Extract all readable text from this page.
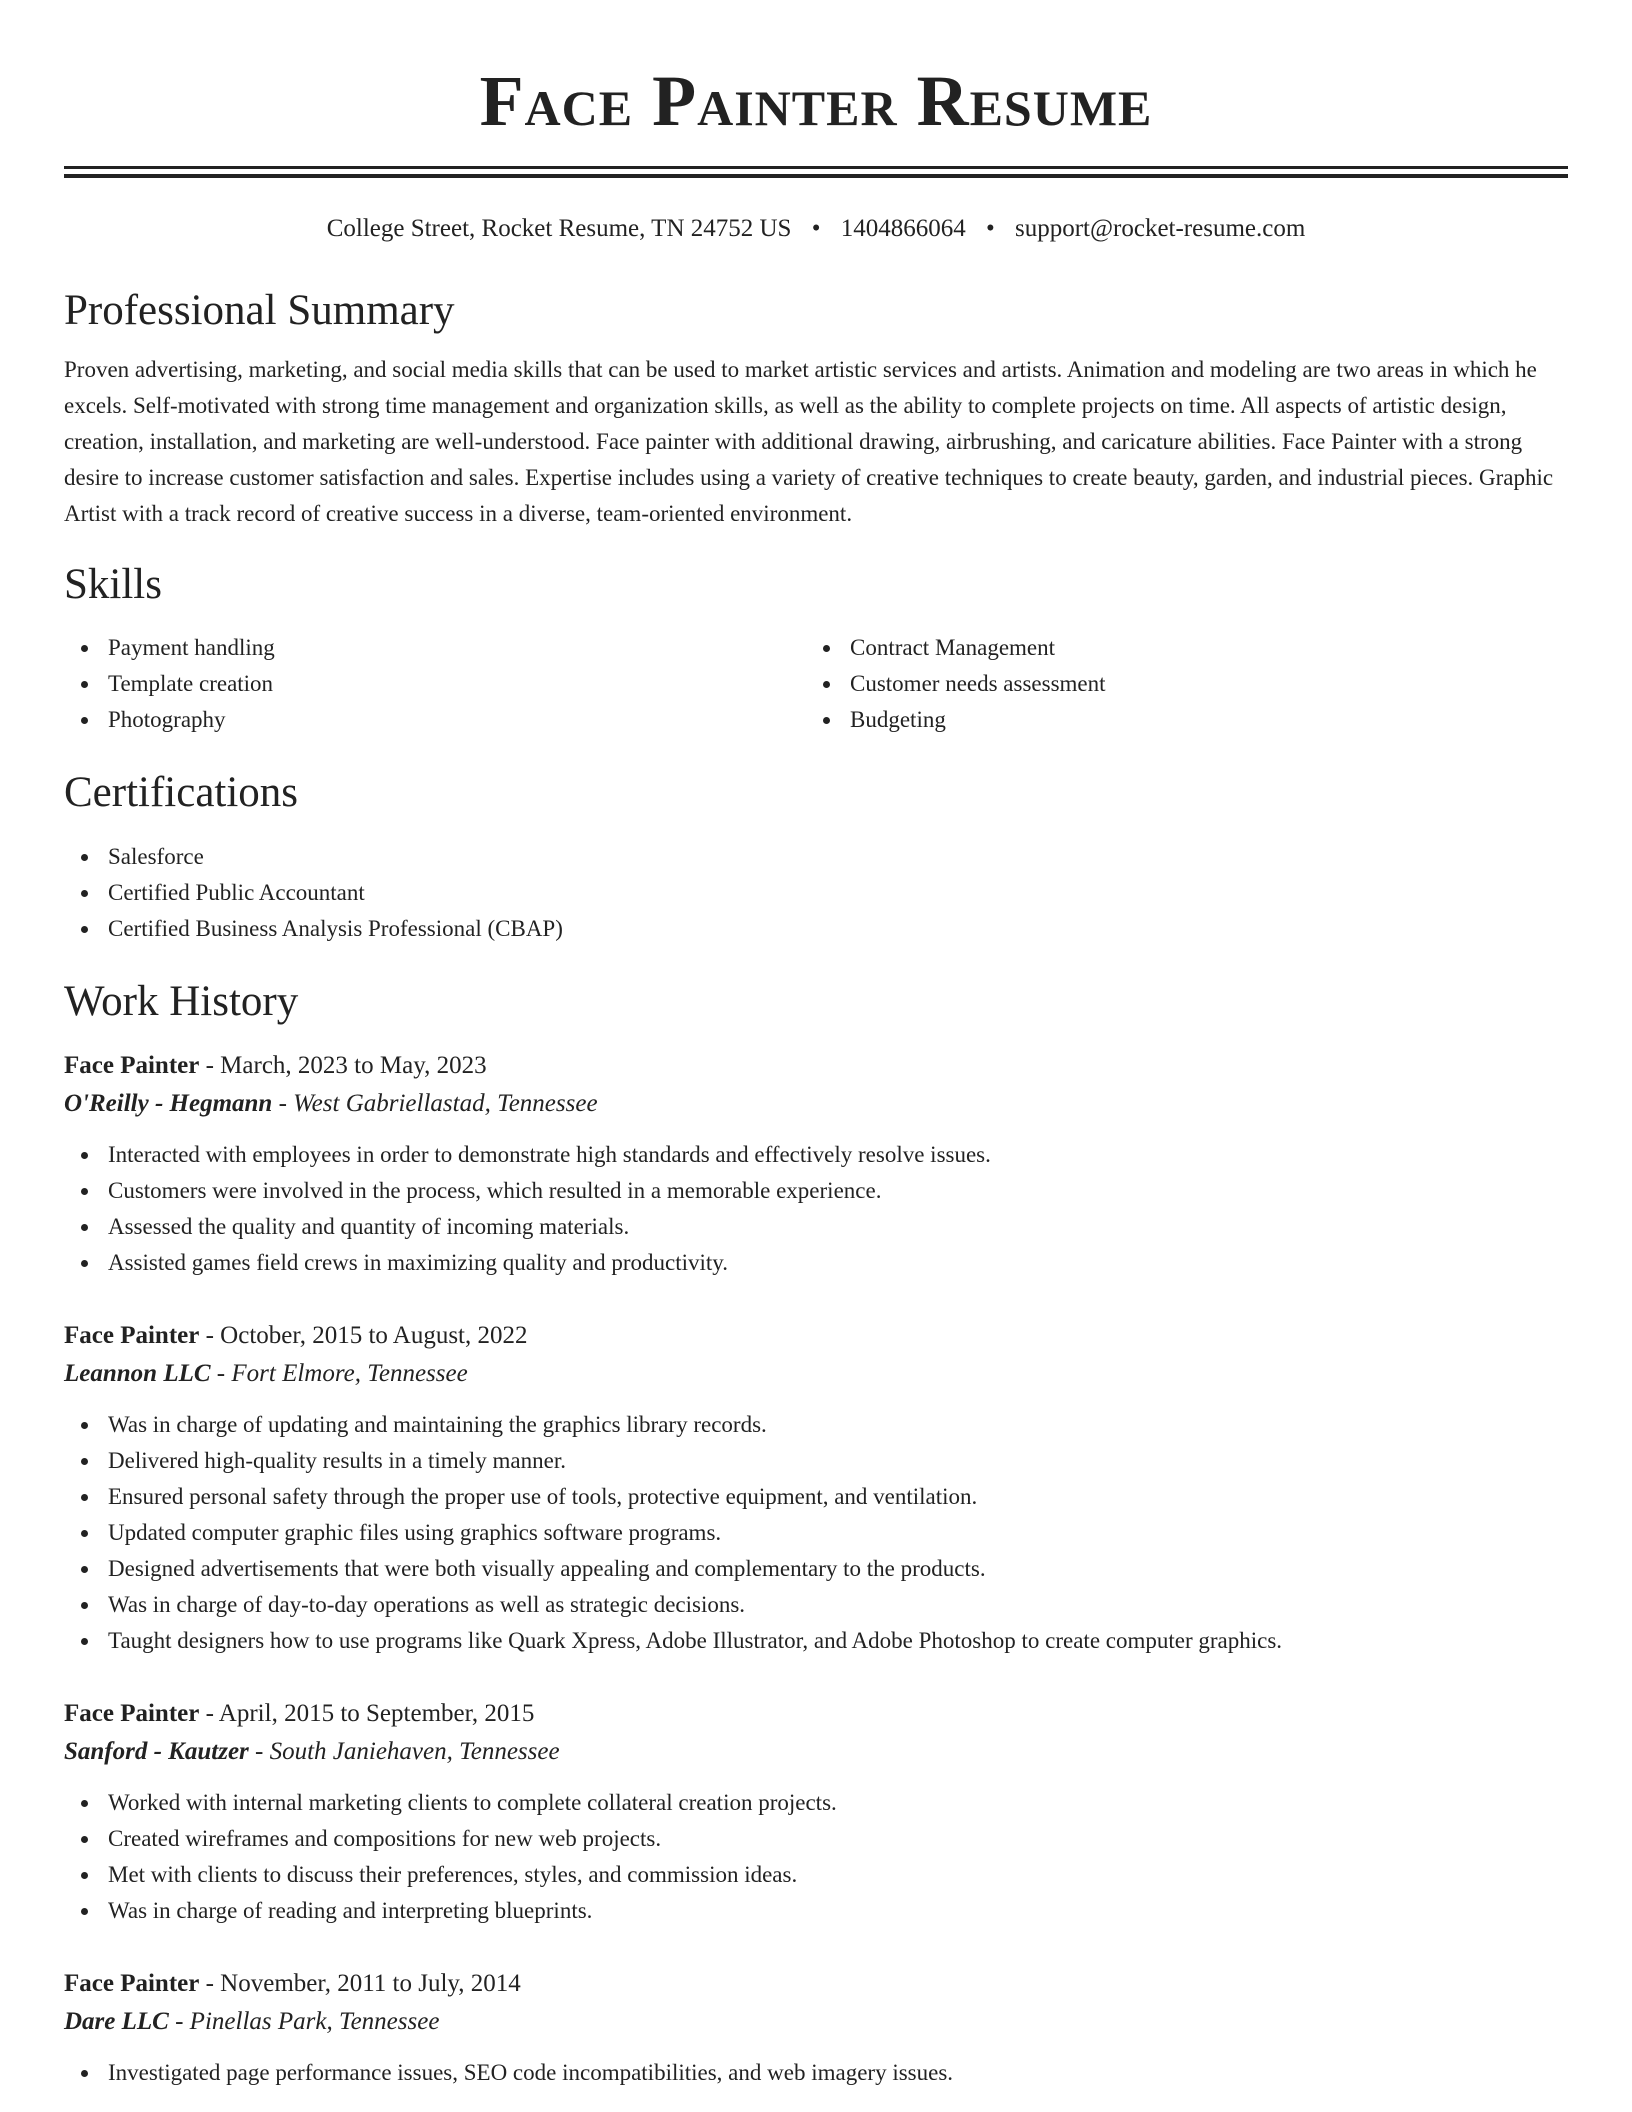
Face Painter Resume
College Street, Rocket Resume, TN 24752 US • 1404866064 • support@rocket-resume.com
Professional Summary

Proven advertising, marketing, and social media skills that can be used to market artistic services and artists. Animation and modeling are two areas in which he excels. Self-motivated with strong time management and organization skills, as well as the ability to complete projects on time. All aspects of artistic design, creation, installation, and marketing are well-understood. Face painter with additional drawing, airbrushing, and caricature abilities. Face Painter with a strong desire to increase customer satisfaction and sales. Expertise includes using a variety of creative techniques to create beauty, garden, and industrial pieces. Graphic Artist with a track record of creative success in a diverse, team-oriented environment.

Skills
Payment handling
Template creation
Photography
Contract Management
Customer needs assessment
Budgeting
Certifications
Salesforce
Certified Public Accountant
Certified Business Analysis Professional (CBAP)
Work History
Face Painter - March, 2023 to May, 2023
O'Reilly - Hegmann - West Gabriellastad, Tennessee
Interacted with employees in order to demonstrate high standards and effectively resolve issues.
Customers were involved in the process, which resulted in a memorable experience.
Assessed the quality and quantity of incoming materials.
Assisted games field crews in maximizing quality and productivity.
Face Painter - October, 2015 to August, 2022
Leannon LLC - Fort Elmore, Tennessee
Was in charge of updating and maintaining the graphics library records.
Delivered high-quality results in a timely manner.
Ensured personal safety through the proper use of tools, protective equipment, and ventilation.
Updated computer graphic files using graphics software programs.
Designed advertisements that were both visually appealing and complementary to the products.
Was in charge of day-to-day operations as well as strategic decisions.
Taught designers how to use programs like Quark Xpress, Adobe Illustrator, and Adobe Photoshop to create computer graphics.
Face Painter - April, 2015 to September, 2015
Sanford - Kautzer - South Janiehaven, Tennessee
Worked with internal marketing clients to complete collateral creation projects.
Created wireframes and compositions for new web projects.
Met with clients to discuss their preferences, styles, and commission ideas.
Was in charge of reading and interpreting blueprints.
Face Painter - November, 2011 to July, 2014
Dare LLC - Pinellas Park, Tennessee
Investigated page performance issues, SEO code incompatibilities, and web imagery issues.
